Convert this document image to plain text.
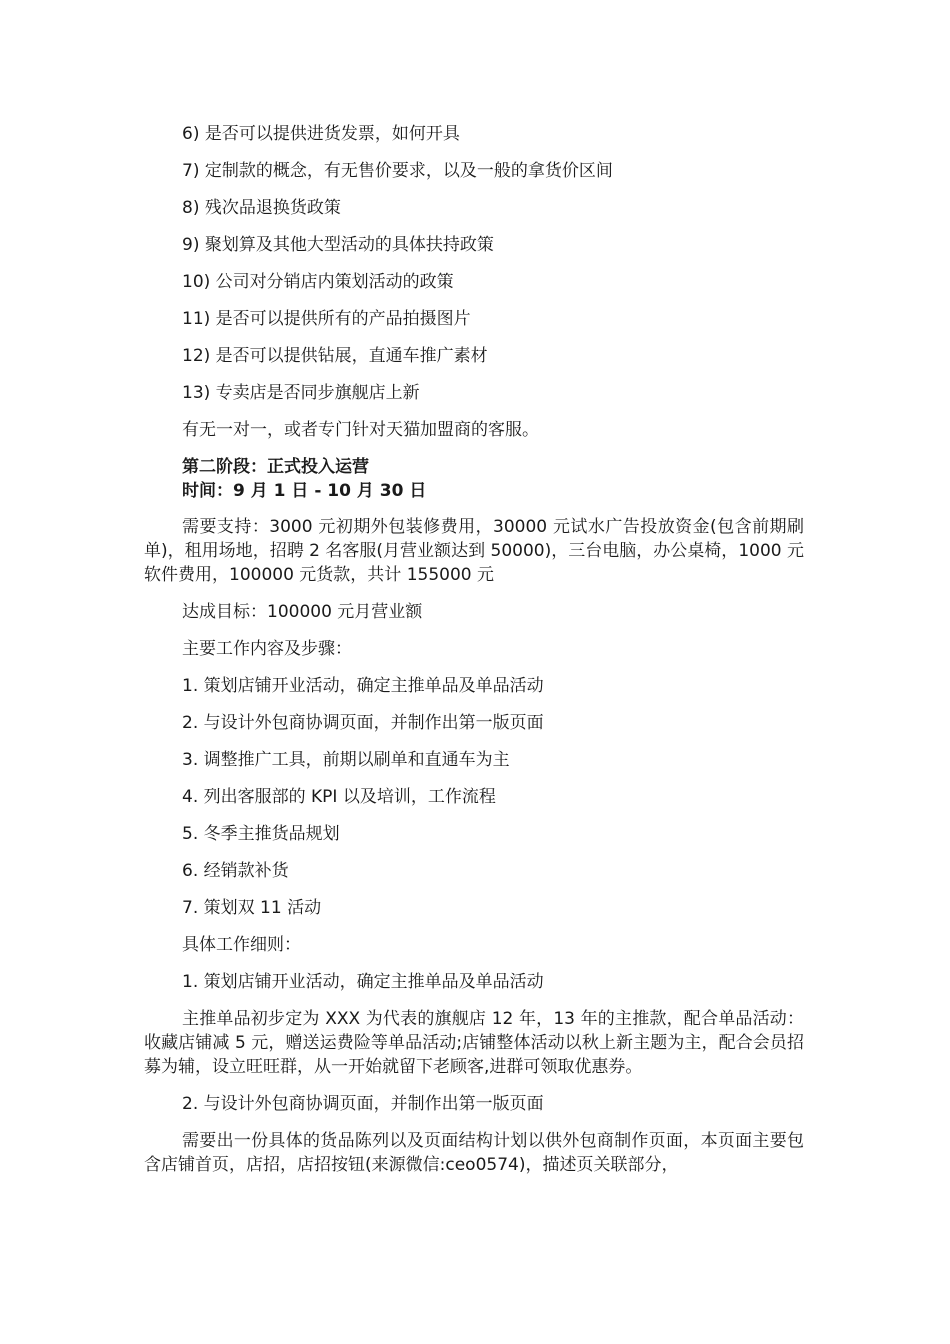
6) 是否可以提供进货发票，如何开具

7) 定制款的概念，有无售价要求，以及一般的拿货价区间

8) 残次品退换货政策

9) 聚划算及其他大型活动的具体扶持政策

10) 公司对分销店内策划活动的政策

11) 是否可以提供所有的产品拍摄图片

12) 是否可以提供钻展，直通车推广素材

13) 专卖店是否同步旗舰店上新

有无一对一，或者专门针对天猫加盟商的客服。

第二阶段：正式投入运营

时间：9 月 1 日 - 10 月 30 日

需要支持：3000 元初期外包装修费用，30000 元试水广告投放资金(包含前期刷单)，租用场地，招聘 2 名客服(月营业额达到 50000)，三台电脑，办公桌椅，1000 元软件费用，100000 元货款，共计 155000 元

达成目标：100000 元月营业额

主要工作内容及步骤：

1. 策划店铺开业活动，确定主推单品及单品活动

2. 与设计外包商协调页面，并制作出第一版页面

3. 调整推广工具，前期以刷单和直通车为主

4. 列出客服部的 KPI 以及培训，工作流程

5. 冬季主推货品规划

6. 经销款补货

7. 策划双 11 活动

具体工作细则：

1. 策划店铺开业活动，确定主推单品及单品活动

主推单品初步定为 XXX 为代表的旗舰店 12 年，13 年的主推款，配合单品活动：收藏店铺减 5 元，赠送运费险等单品活动;店铺整体活动以秋上新主题为主，配合会员招募为辅，设立旺旺群，从一开始就留下老顾客,进群可领取优惠券。

2. 与设计外包商协调页面，并制作出第一版页面

需要出一份具体的货品陈列以及页面结构计划以供外包商制作页面，本页面主要包含店铺首页，店招，店招按钮(来源微信:ceo0574)，描述页关联部分，
